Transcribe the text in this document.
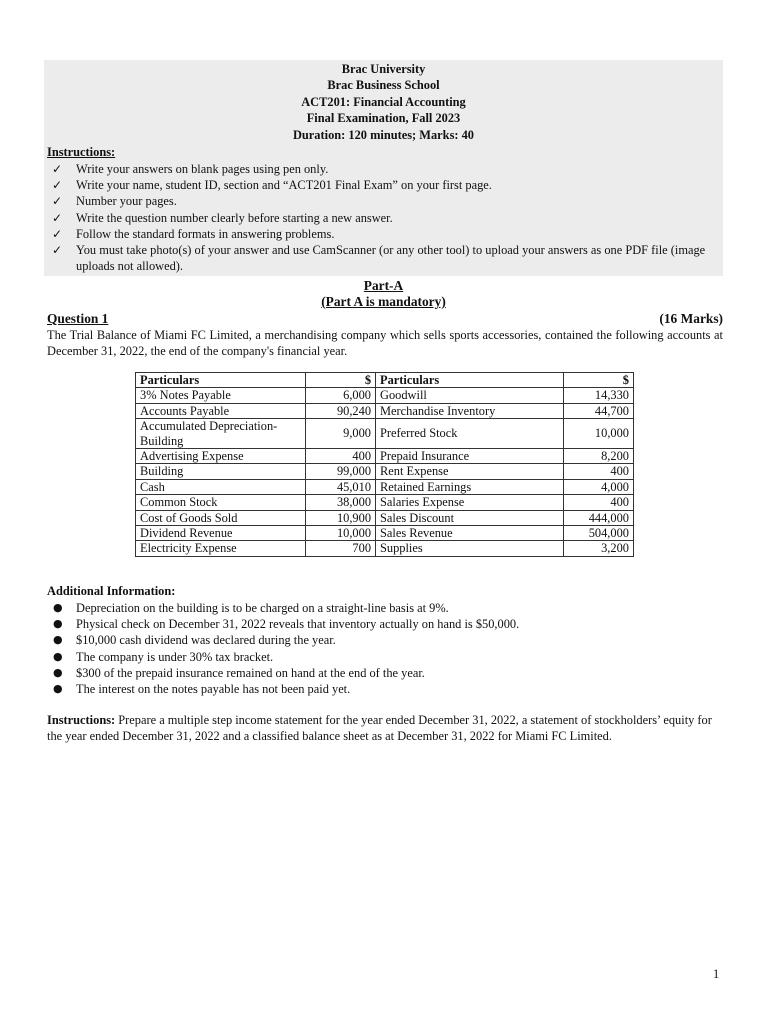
Brac University
Brac Business School
ACT201: Financial Accounting
Final Examination, Fall 2023
Duration: 120 minutes; Marks: 40
Instructions:
✓ Write your answers on blank pages using pen only.
✓ Write your name, student ID, section and “ACT201 Final Exam” on your first page.
✓ Number your pages.
✓ Write the question number clearly before starting a new answer.
✓ Follow the standard formats in answering problems.
✓ You must take photo(s) of your answer and use CamScanner (or any other tool) to upload your answers as one PDF file (image uploads not allowed).
Part-A
(Part A is mandatory)
Question 1	(16 Marks)
The Trial Balance of Miami FC Limited, a merchandising company which sells sports accessories, contained the following accounts at December 31, 2022, the end of the company's financial year.
Particulars	$	Particulars	$
3% Notes Payable	6,000	Goodwill	14,330
Accounts Payable	90,240	Merchandise Inventory	44,700
Accumulated Depreciation-Building	9,000	Preferred Stock	10,000
Advertising Expense	400	Prepaid Insurance	8,200
Building	99,000	Rent Expense	400
Cash	45,010	Retained Earnings	4,000
Common Stock	38,000	Salaries Expense	400
Cost of Goods Sold	10,900	Sales Discount	444,000
Dividend Revenue	10,000	Sales Revenue	504,000
Electricity Expense	700	Supplies	3,200
Additional Information:
● Depreciation on the building is to be charged on a straight-line basis at 9%.
● Physical check on December 31, 2022 reveals that inventory actually on hand is $50,000.
● $10,000 cash dividend was declared during the year.
● The company is under 30% tax bracket.
● $300 of the prepaid insurance remained on hand at the end of the year.
● The interest on the notes payable has not been paid yet.
Instructions: Prepare a multiple step income statement for the year ended December 31, 2022, a statement of stockholders’ equity for the year ended December 31, 2022 and a classified balance sheet as at December 31, 2022 for Miami FC Limited.
1
